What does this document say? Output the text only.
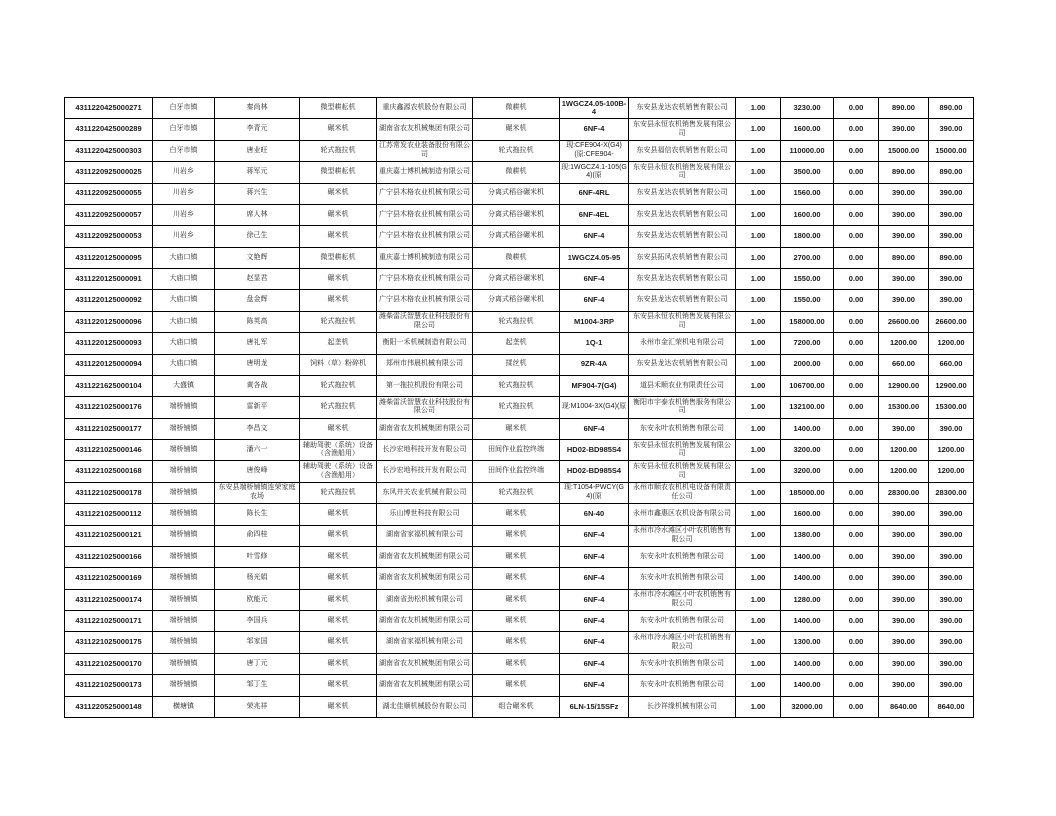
4311220425000271	白牙市镇	秦尚林	微型耕耘机	重庆鑫源农机股份有限公司	微耕机	1WGCZ4.05-100B-4	东安县龙达农机销售有限公司	1.00	3230.00	0.00	890.00	890.00
4311220425000289	白牙市镇	李青元	碾米机	湖南省农友机械集团有限公司	碾米机	6NF-4	东安县永恒农机销售发展有限公司	1.00	1600.00	0.00	390.00	390.00
4311220425000303	白牙市镇	唐业旺	轮式拖拉机	江苏常发农业装备股份有限公司	轮式拖拉机	现:CFE904-X(G4)(原:CFE904-	东安县福信农机销售有限公司	1.00	110000.00	0.00	15000.00	15000.00
4311220925000025	川岩乡	蒋军元	微型耕耘机	重庆嘉士博机械制造有限公司	微耕机	现:1WGCZ4.1-105(G4)(原	东安县永恒农机销售发展有限公司	1.00	3500.00	0.00	890.00	890.00
4311220925000055	川岩乡	蒋兴生	碾米机	广宁县木格农业机械有限公司	分离式稻谷碾米机	6NF-4RL	东安县龙达农机销售有限公司	1.00	1560.00	0.00	390.00	390.00
4311220925000057	川岩乡	席人林	碾米机	广宁县木格农业机械有限公司	分离式稻谷碾米机	6NF-4EL	东安县龙达农机销售有限公司	1.00	1600.00	0.00	390.00	390.00
4311220925000053	川岩乡	徐己生	碾米机	广宁县木格农业机械有限公司	分离式稻谷碾米机	6NF-4	东安县龙达农机销售有限公司	1.00	1800.00	0.00	390.00	390.00
4311220125000095	大庙口镇	文艳辉	微型耕耘机	重庆嘉士博机械制造有限公司	微耕机	1WGCZ4.05-95	东安县拓风农机销售有限公司	1.00	2700.00	0.00	890.00	890.00
4311220125000091	大庙口镇	赵显君	碾米机	广宁县木格农业机械有限公司	分离式稻谷碾米机	6NF-4	东安县龙达农机销售有限公司	1.00	1550.00	0.00	390.00	390.00
4311220125000092	大庙口镇	盘金辉	碾米机	广宁县木格农业机械有限公司	分离式稻谷碾米机	6NF-4	东安县龙达农机销售有限公司	1.00	1550.00	0.00	390.00	390.00
4311220125000096	大庙口镇	陈英高	轮式拖拉机	潍柴雷沃智慧农业科技股份有限公司	轮式拖拉机	M1004-3RP	东安县永恒农机销售发展有限公司	1.00	158000.00	0.00	26600.00	26600.00
4311220125000093	大庙口镇	唐礼军	起垄机	衡阳一禾机械制造有限公司	起垄机	1Q-1	永州市金汇荣机电有限公司	1.00	7200.00	0.00	1200.00	1200.00
4311220125000094	大庙口镇	唐明龙	饲料（草）粉碎机	郑州市伟晨机械有限公司	揉丝机	9ZR-4A	东安县龙达农机销售有限公司	1.00	2000.00	0.00	660.00	660.00
4311221625000104	大盛镇	黄各战	轮式拖拉机	第一拖拉机股份有限公司	轮式拖拉机	MF904-7(G4)	道县禾顺农业有限责任公司	1.00	106700.00	0.00	12900.00	12900.00
4311221025000176	端桥铺镇	雷新平	轮式拖拉机	潍柴雷沃智慧农业科技股份有限公司	轮式拖拉机	现:M1004-3X(G4)(原	衡阳市宇泰农机销售服务有限公司	1.00	132100.00	0.00	15300.00	15300.00
4311221025000177	端桥铺镇	李昌文	碾米机	湖南省农友机械集团有限公司	碾米机	6NF-4	东安永叶农机销售有限公司	1.00	1400.00	0.00	390.00	390.00
4311221025000146	端桥铺镇	潘六一	辅助驾驶（系统）设备（含渔船用）	长沙宏地科技开发有限公司	田间作业监控终端	HD02-BD985S4	东安县永恒农机销售发展有限公司	1.00	3200.00	0.00	1200.00	1200.00
4311221025000168	端桥铺镇	唐俊峰	辅助驾驶（系统）设备（含渔船用）	长沙宏地科技开发有限公司	田间作业监控终端	HD02-BD985S4	东安县永恒农机销售发展有限公司	1.00	3200.00	0.00	1200.00	1200.00
4311221025000178	端桥铺镇	东安县端桥铺镇连荣家庭农场	轮式拖拉机	东风井关农业机械有限公司	轮式拖拉机	现:T1054-PWCY(G4)(原	永州市顺农农机机电设备有限责任公司	1.00	185000.00	0.00	28300.00	28300.00
4311221025000112	端桥铺镇	陈长生	碾米机	乐山博世科技有限公司	碾米机	6N-40	永州市鑫惠区农机设备有限公司	1.00	1600.00	0.00	390.00	390.00
4311221025000121	端桥铺镇	俞四桂	碾米机	湖南省家福机械有限公司	碾米机	6NF-4	永州市冷水滩区小叶农机销售有限公司	1.00	1380.00	0.00	390.00	390.00
4311221025000166	端桥铺镇	叶雪修	碾米机	湖南省农友机械集团有限公司	碾米机	6NF-4	东安永叶农机销售有限公司	1.00	1400.00	0.00	390.00	390.00
4311221025000169	端桥铺镇	杨光娟	碾米机	湖南省农友机械集团有限公司	碾米机	6NF-4	东安永叶农机销售有限公司	1.00	1400.00	0.00	390.00	390.00
4311221025000174	端桥铺镇	欧能元	碾米机	湖南省劲松机械有限公司	碾米机	6NF-4	永州市冷水滩区小叶农机销售有限公司	1.00	1280.00	0.00	390.00	390.00
4311221025000171	端桥铺镇	李国兵	碾米机	湖南省农友机械集团有限公司	碾米机	6NF-4	东安永叶农机销售有限公司	1.00	1400.00	0.00	390.00	390.00
4311221025000175	端桥铺镇	邹家国	碾米机	湖南省家福机械有限公司	碾米机	6NF-4	永州市冷水滩区小叶农机销售有限公司	1.00	1300.00	0.00	390.00	390.00
4311221025000170	端桥铺镇	唐丁元	碾米机	湖南省农友机械集团有限公司	碾米机	6NF-4	东安永叶农机销售有限公司	1.00	1400.00	0.00	390.00	390.00
4311221025000173	端桥铺镇	邹丁生	碾米机	湖南省农友机械集团有限公司	碾米机	6NF-4	东安永叶农机销售有限公司	1.00	1400.00	0.00	390.00	390.00
4311220525000148	横塘镇	荣兆祥	碾米机	湖北佳顺机械股份有限公司	组合碾米机	6LN-15/15SFz	长沙祥缘机械有限公司	1.00	32000.00	0.00	8640.00	8640.00
